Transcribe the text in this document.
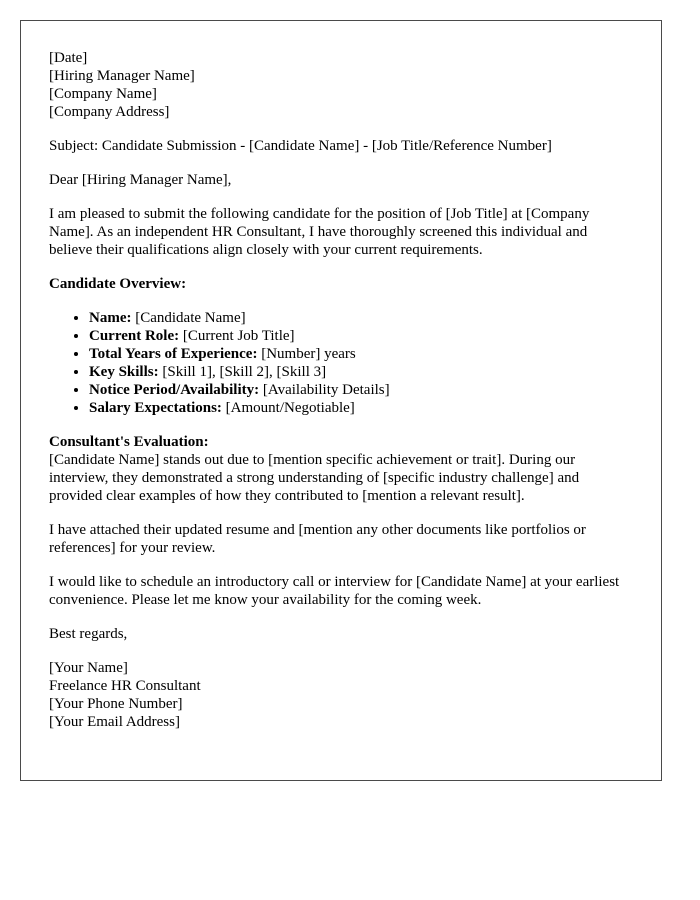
[Date]
[Hiring Manager Name]
[Company Name]
[Company Address]

Subject: Candidate Submission - [Candidate Name] - [Job Title/Reference Number]

Dear [Hiring Manager Name],

I am pleased to submit the following candidate for the position of [Job Title] at [Company Name]. As an independent HR Consultant, I have thoroughly screened this individual and believe their qualifications align closely with your current requirements.

Candidate Overview:
• Name: [Candidate Name]
• Current Role: [Current Job Title]
• Total Years of Experience: [Number] years
• Key Skills: [Skill 1], [Skill 2], [Skill 3]
• Notice Period/Availability: [Availability Details]
• Salary Expectations: [Amount/Negotiable]
Consultant's Evaluation:

[Candidate Name] stands out due to [mention specific achievement or trait]. During our interview, they demonstrated a strong understanding of [specific industry challenge] and provided clear examples of how they contributed to [mention a relevant result].

I have attached their updated resume and [mention any other documents like portfolios or references] for your review.

I would like to schedule an introductory call or interview for [Candidate Name] at your earliest convenience. Please let me know your availability for the coming week.

Best regards,

[Your Name]
Freelance HR Consultant
[Your Phone Number]
[Your Email Address]
